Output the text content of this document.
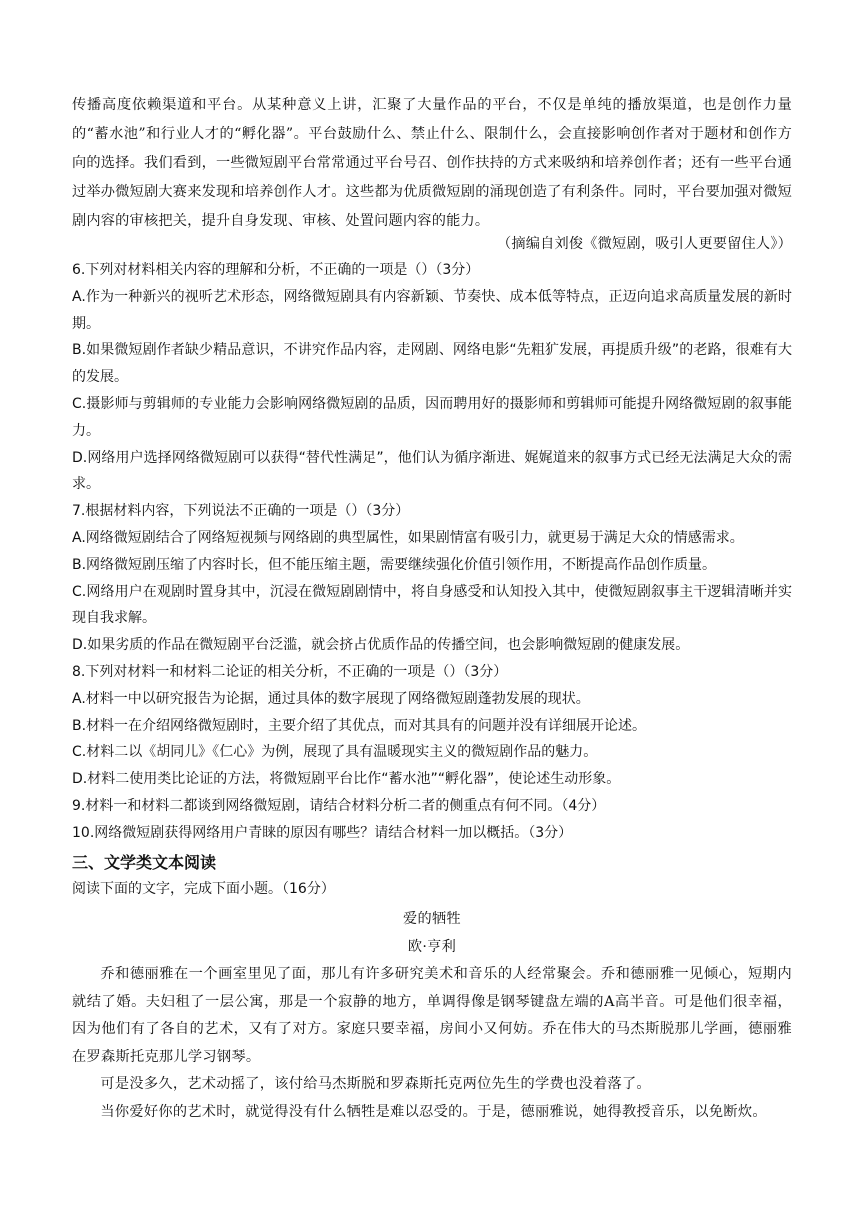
传播高度依赖渠道和平台。从某种意义上讲，汇聚了大量作品的平台，不仅是单纯的播放渠道，也是创作力量的“蓄水池”和行业人才的“孵化器”。平台鼓励什么、禁止什么、限制什么，会直接影响创作者对于题材和创作方向的选择。我们看到，一些微短剧平台常常通过平台号召、创作扶持的方式来吸纳和培养创作者；还有一些平台通过举办微短剧大赛来发现和培养创作人才。这些都为优质微短剧的涌现创造了有利条件。同时，平台要加强对微短剧内容的审核把关，提升自身发现、审核、处置问题内容的能力。

（摘编自刘俊《微短剧，吸引人更要留住人》）

6.下列对材料相关内容的理解和分析，不正确的一项是（）（3分）

A.作为一种新兴的视听艺术形态，网络微短剧具有内容新颖、节奏快、成本低等特点，正迈向追求高质量发展的新时期。

B.如果微短剧作者缺少精品意识，不讲究作品内容，走网剧、网络电影“先粗犷发展，再提质升级”的老路，很难有大的发展。

C.摄影师与剪辑师的专业能力会影响网络微短剧的品质，因而聘用好的摄影师和剪辑师可能提升网络微短剧的叙事能力。

D.网络用户选择网络微短剧可以获得“替代性满足”，他们认为循序渐进、娓娓道来的叙事方式已经无法满足大众的需求。

7.根据材料内容，下列说法不正确的一项是（）（3分）

A.网络微短剧结合了网络短视频与网络剧的典型属性，如果剧情富有吸引力，就更易于满足大众的情感需求。

B.网络微短剧压缩了内容时长，但不能压缩主题，需要继续强化价值引领作用，不断提高作品创作质量。

C.网络用户在观剧时置身其中，沉浸在微短剧剧情中，将自身感受和认知投入其中，使微短剧叙事主干逻辑清晰并实现自我求解。

D.如果劣质的作品在微短剧平台泛滥，就会挤占优质作品的传播空间，也会影响微短剧的健康发展。

8.下列对材料一和材料二论证的相关分析，不正确的一项是（）（3分）

A.材料一中以研究报告为论据，通过具体的数字展现了网络微短剧蓬勃发展的现状。

B.材料一在介绍网络微短剧时，主要介绍了其优点，而对其具有的问题并没有详细展开论述。

C.材料二以《胡同儿》《仁心》为例，展现了具有温暖现实主义的微短剧作品的魅力。

D.材料二使用类比论证的方法，将微短剧平台比作“蓄水池”“孵化器”，使论述生动形象。

9.材料一和材料二都谈到网络微短剧，请结合材料分析二者的侧重点有何不同。（4分）

10.网络微短剧获得网络用户青睐的原因有哪些？请结合材料一加以概括。（3分）

三、文学类文本阅读

阅读下面的文字，完成下面小题。（16分）

爱的牺牲

欧·亨利

乔和德丽雅在一个画室里见了面，那儿有许多研究美术和音乐的人经常聚会。乔和德丽雅一见倾心，短期内就结了婚。夫妇租了一层公寓，那是一个寂静的地方，单调得像是钢琴键盘左端的A高半音。可是他们很幸福，因为他们有了各自的艺术，又有了对方。家庭只要幸福，房间小又何妨。乔在伟大的马杰斯脱那儿学画，德丽雅在罗森斯托克那儿学习钢琴。

可是没多久，艺术动摇了，该付给马杰斯脱和罗森斯托克两位先生的学费也没着落了。

当你爱好你的艺术时，就觉得没有什么牺牲是难以忍受的。于是，德丽雅说，她得教授音乐，以免断炊。
